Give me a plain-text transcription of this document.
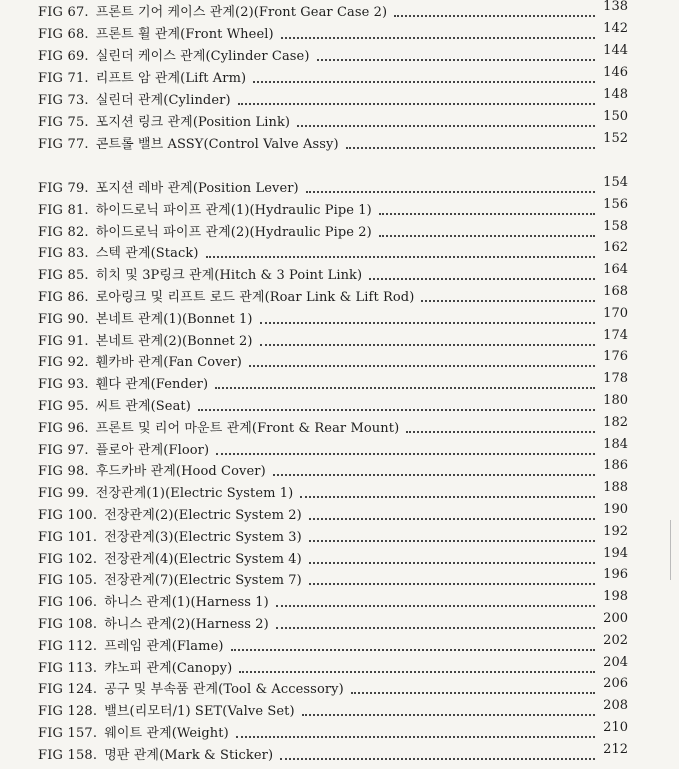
FIG 67. 프론트 기어 케이스 관계(2)(Front Gear Case 2)	138
FIG 68. 프론트 휠 관계(Front Wheel)	142
FIG 69. 실린더 케이스 관계(Cylinder Case)	144
FIG 71. 리프트 암 관계(Lift Arm)	146
FIG 73. 실린더 관계(Cylinder)	148
FIG 75. 포지션 링크 관계(Position Link)	150
FIG 77. 콘트롤 밸브 ASSY(Control Valve Assy)	152
FIG 79. 포지션 레바 관계(Position Lever)	154
FIG 81. 하이드로닉 파이프 관계(1)(Hydraulic Pipe 1)	156
FIG 82. 하이드로닉 파이프 관계(2)(Hydraulic Pipe 2)	158
FIG 83. 스텍 관계(Stack)	162
FIG 85. 히치 및 3P링크 관계(Hitch & 3 Point Link)	164
FIG 86. 로아링크 및 리프트 로드 관계(Roar Link & Lift Rod)	168
FIG 90. 본네트 관계(1)(Bonnet 1)	170
FIG 91. 본네트 관계(2)(Bonnet 2)	174
FIG 92. 휀카바 관계(Fan Cover)	176
FIG 93. 휀다 관계(Fender)	178
FIG 95. 씨트 관계(Seat)	180
FIG 96. 프론트 및 리어 마운트 관계(Front & Rear Mount)	182
FIG 97. 플로아 관계(Floor)	184
FIG 98. 후드카바 관계(Hood Cover)	186
FIG 99. 전장관계(1)(Electric System 1)	188
FIG 100. 전장관계(2)(Electric System 2)	190
FIG 101. 전장관계(3)(Electric System 3)	192
FIG 102. 전장관계(4)(Electric System 4)	194
FIG 105. 전장관계(7)(Electric System 7)	196
FIG 106. 하니스 관계(1)(Harness 1)	198
FIG 108. 하니스 관계(2)(Harness 2)	200
FIG 112. 프레임 관계(Flame)	202
FIG 113. 캬노피 관계(Canopy)	204
FIG 124. 공구 및 부속품 관계(Tool & Accessory)	206
FIG 128. 밸브(리모터/1) SET(Valve Set)	208
FIG 157. 웨이트 관계(Weight)	210
FIG 158. 명판 관계(Mark & Sticker)	212
